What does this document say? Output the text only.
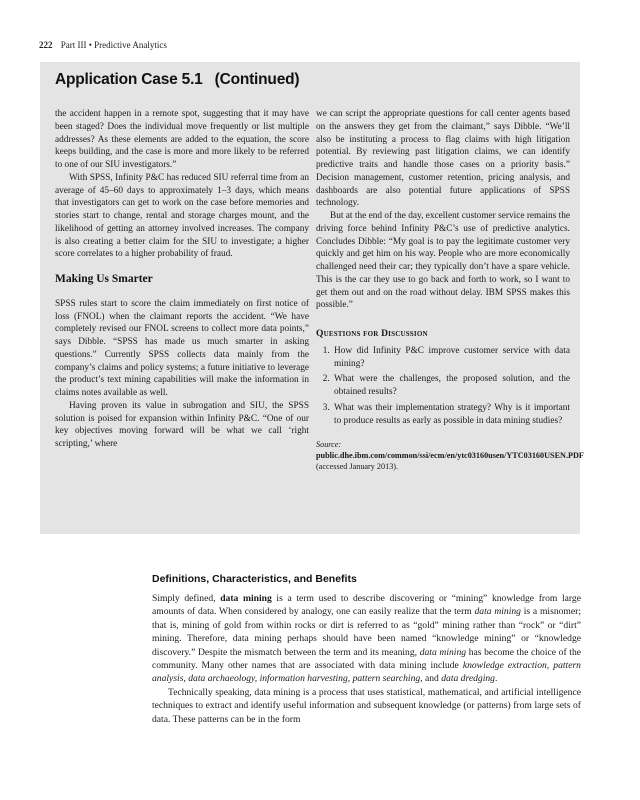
222 Part III • Predictive Analytics
Application Case 5.1 (Continued)

the accident happen in a remote spot, suggesting that it may have been staged? Does the individual move frequently or list multiple addresses? As these elements are added to the equation, the score keeps building, and the case is more and more likely to be referred to one of our SIU investigators.”

With SPSS, Infinity P&C has reduced SIU referral time from an average of 45–60 days to approximately 1–3 days, which means that investigators can get to work on the case before memories and stories start to change, rental and storage charges mount, and the likelihood of getting an attorney involved increases. The company is also creating a better claim for the SIU to investigate; a higher score correlates to a higher probability of fraud.

Making Us Smarter

SPSS rules start to score the claim immediately on first notice of loss (FNOL) when the claimant reports the accident. “We have completely revised our FNOL screens to collect more data points,” says Dibble. “SPSS has made us much smarter in asking questions.” Currently SPSS collects data mainly from the company’s claims and policy systems; a future initiative to leverage the product’s text mining capabilities will make the information in claims notes available as well.

Having proven its value in subrogation and SIU, the SPSS solution is poised for expansion within Infinity P&C. “One of our key objectives moving forward will be what we call ‘right scripting,’ where

we can script the appropriate questions for call center agents based on the answers they get from the claimant,” says Dibble. “We’ll also be instituting a process to flag claims with high litigation potential. By reviewing past litigation claims, we can identify predictive traits and handle those cases on a priority basis.” Decision management, customer retention, pricing analysis, and dashboards are also potential future applications of SPSS technology.

But at the end of the day, excellent customer service remains the driving force behind Infinity P&C’s use of predictive analytics. Concludes Dibble: “My goal is to pay the legitimate customer very quickly and get him on his way. People who are more economically challenged need their car; they typically don’t have a spare vehicle. This is the car they use to go back and forth to work, so I want to get them out and on the road without delay. IBM SPSS makes this possible.”

Questions for Discussion
1. How did Infinity P&C improve customer service with data mining?
2. What were the challenges, the proposed solution, and the obtained results?
3. What was their implementation strategy? Why is it important to produce results as early as possible in data mining studies?
Source: public.dhe.ibm.com/common/ssi/ecm/en/ytc03160usen/YTC03160USEN.PDF (accessed January 2013).
Definitions, Characteristics, and Benefits

Simply defined, data mining is a term used to describe discovering or “mining” knowledge from large amounts of data. When considered by analogy, one can easily realize that the term data mining is a misnomer; that is, mining of gold from within rocks or dirt is referred to as “gold” mining rather than “rock” or “dirt” mining. Therefore, data mining perhaps should have been named “knowledge mining” or “knowledge discovery.” Despite the mismatch between the term and its meaning, data mining has become the choice of the community. Many other names that are associated with data mining include knowledge extraction, pattern analysis, data archaeology, information harvesting, pattern searching, and data dredging.

Technically speaking, data mining is a process that uses statistical, mathematical, and artificial intelligence techniques to extract and identify useful information and subsequent knowledge (or patterns) from large sets of data. These patterns can be in the form
